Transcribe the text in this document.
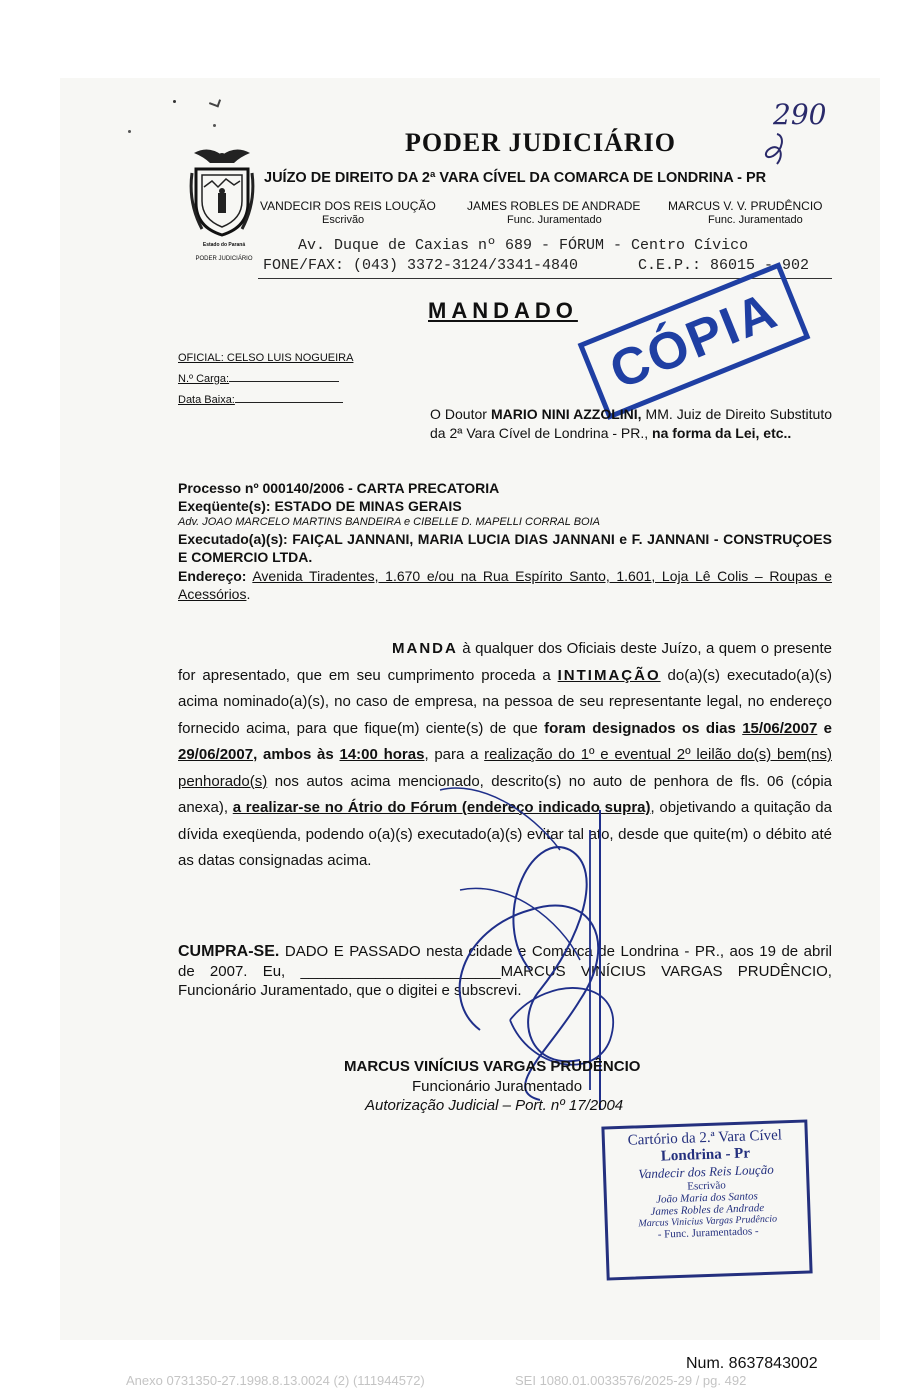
290
Estado do Paraná
PODER JUDICIÁRIO
PODER JUDICIÁRIO
JUÍZO DE DIREITO DA 2ª VARA CÍVEL DA COMARCA DE LONDRINA - PR
VANDECIR DOS REIS LOUÇÃO
Escrivão
JAMES ROBLES DE ANDRADE
Func. Juramentado
MARCUS V. V. PRUDÊNCIO
Func. Juramentado
Av. Duque de Caxias nº 689 - FÓRUM - Centro Cívico
FONE/FAX: (043) 3372-3124/3341-4840	C.E.P.: 86015 - 902
MANDADO CÓPIA
OFICIAL: CELSO LUIS NOGUEIRA
N.º Carga:
Data Baixa:
O Doutor MARIO NINI AZZOLINI, MM. Juiz de Direito Substituto da 2ª Vara Cível de Londrina - PR., na forma da Lei, etc..
Processo nº 000140/2006 - CARTA PRECATORIA
Exeqüente(s): ESTADO DE MINAS GERAIS
Adv. JOAO MARCELO MARTINS BANDEIRA e CIBELLE D. MAPELLI CORRAL BOIA
Executado(a)(s): FAIÇAL JANNANI, MARIA LUCIA DIAS JANNANI e F. JANNANI - CONSTRUÇOES E COMERCIO LTDA.
Endereço: Avenida Tiradentes, 1.670 e/ou na Rua Espírito Santo, 1.601, Loja Lê Colis – Roupas e Acessórios.
MANDA à qualquer dos Oficiais deste Juízo, a quem o presente for apresentado, que em seu cumprimento proceda a INTIMAÇÃO do(a)(s) executado(a)(s) acima nominado(a)(s), no caso de empresa, na pessoa de seu representante legal, no endereço fornecido acima, para que fique(m) ciente(s) de que foram designados os dias 15/06/2007 e 29/06/2007, ambos às 14:00 horas, para a realização do 1º e eventual 2º leilão do(s) bem(ns) penhorado(s) nos autos acima mencionado, descrito(s) no auto de penhora de fls. 06 (cópia anexa), a realizar-se no Átrio do Fórum (endereço indicado supra), objetivando a quitação da dívida exeqüenda, podendo o(a)(s) executado(a)(s) evitar tal ato, desde que quite(m) o débito até as datas consignadas acima.
CUMPRA-SE. DADO E PASSADO nesta cidade e Comarca de Londrina - PR., aos 19 de abril de 2007. Eu, ________________________MARCUS VINÍCIUS VARGAS PRUDÊNCIO, Funcionário Juramentado, que o digitei e subscrevi.
MARCUS VINÍCIUS VARGAS PRUDÊNCIO
Funcionário Juramentado
Autorização Judicial – Port. nº 17/2004
Cartório da 2.ª Vara Cível
Londrina - Pr
Vandecir dos Reis Loução
Escrivão
João Maria dos Santos
James Robles de Andrade
Marcus Vinicius Vargas Prudêncio
- Func. Juramentados -
Num. 8637843002
Anexo 0731350-27.1998.8.13.0024 (2) (111944572)	SEI 1080.01.0033576/2025-29 / pg. 492
